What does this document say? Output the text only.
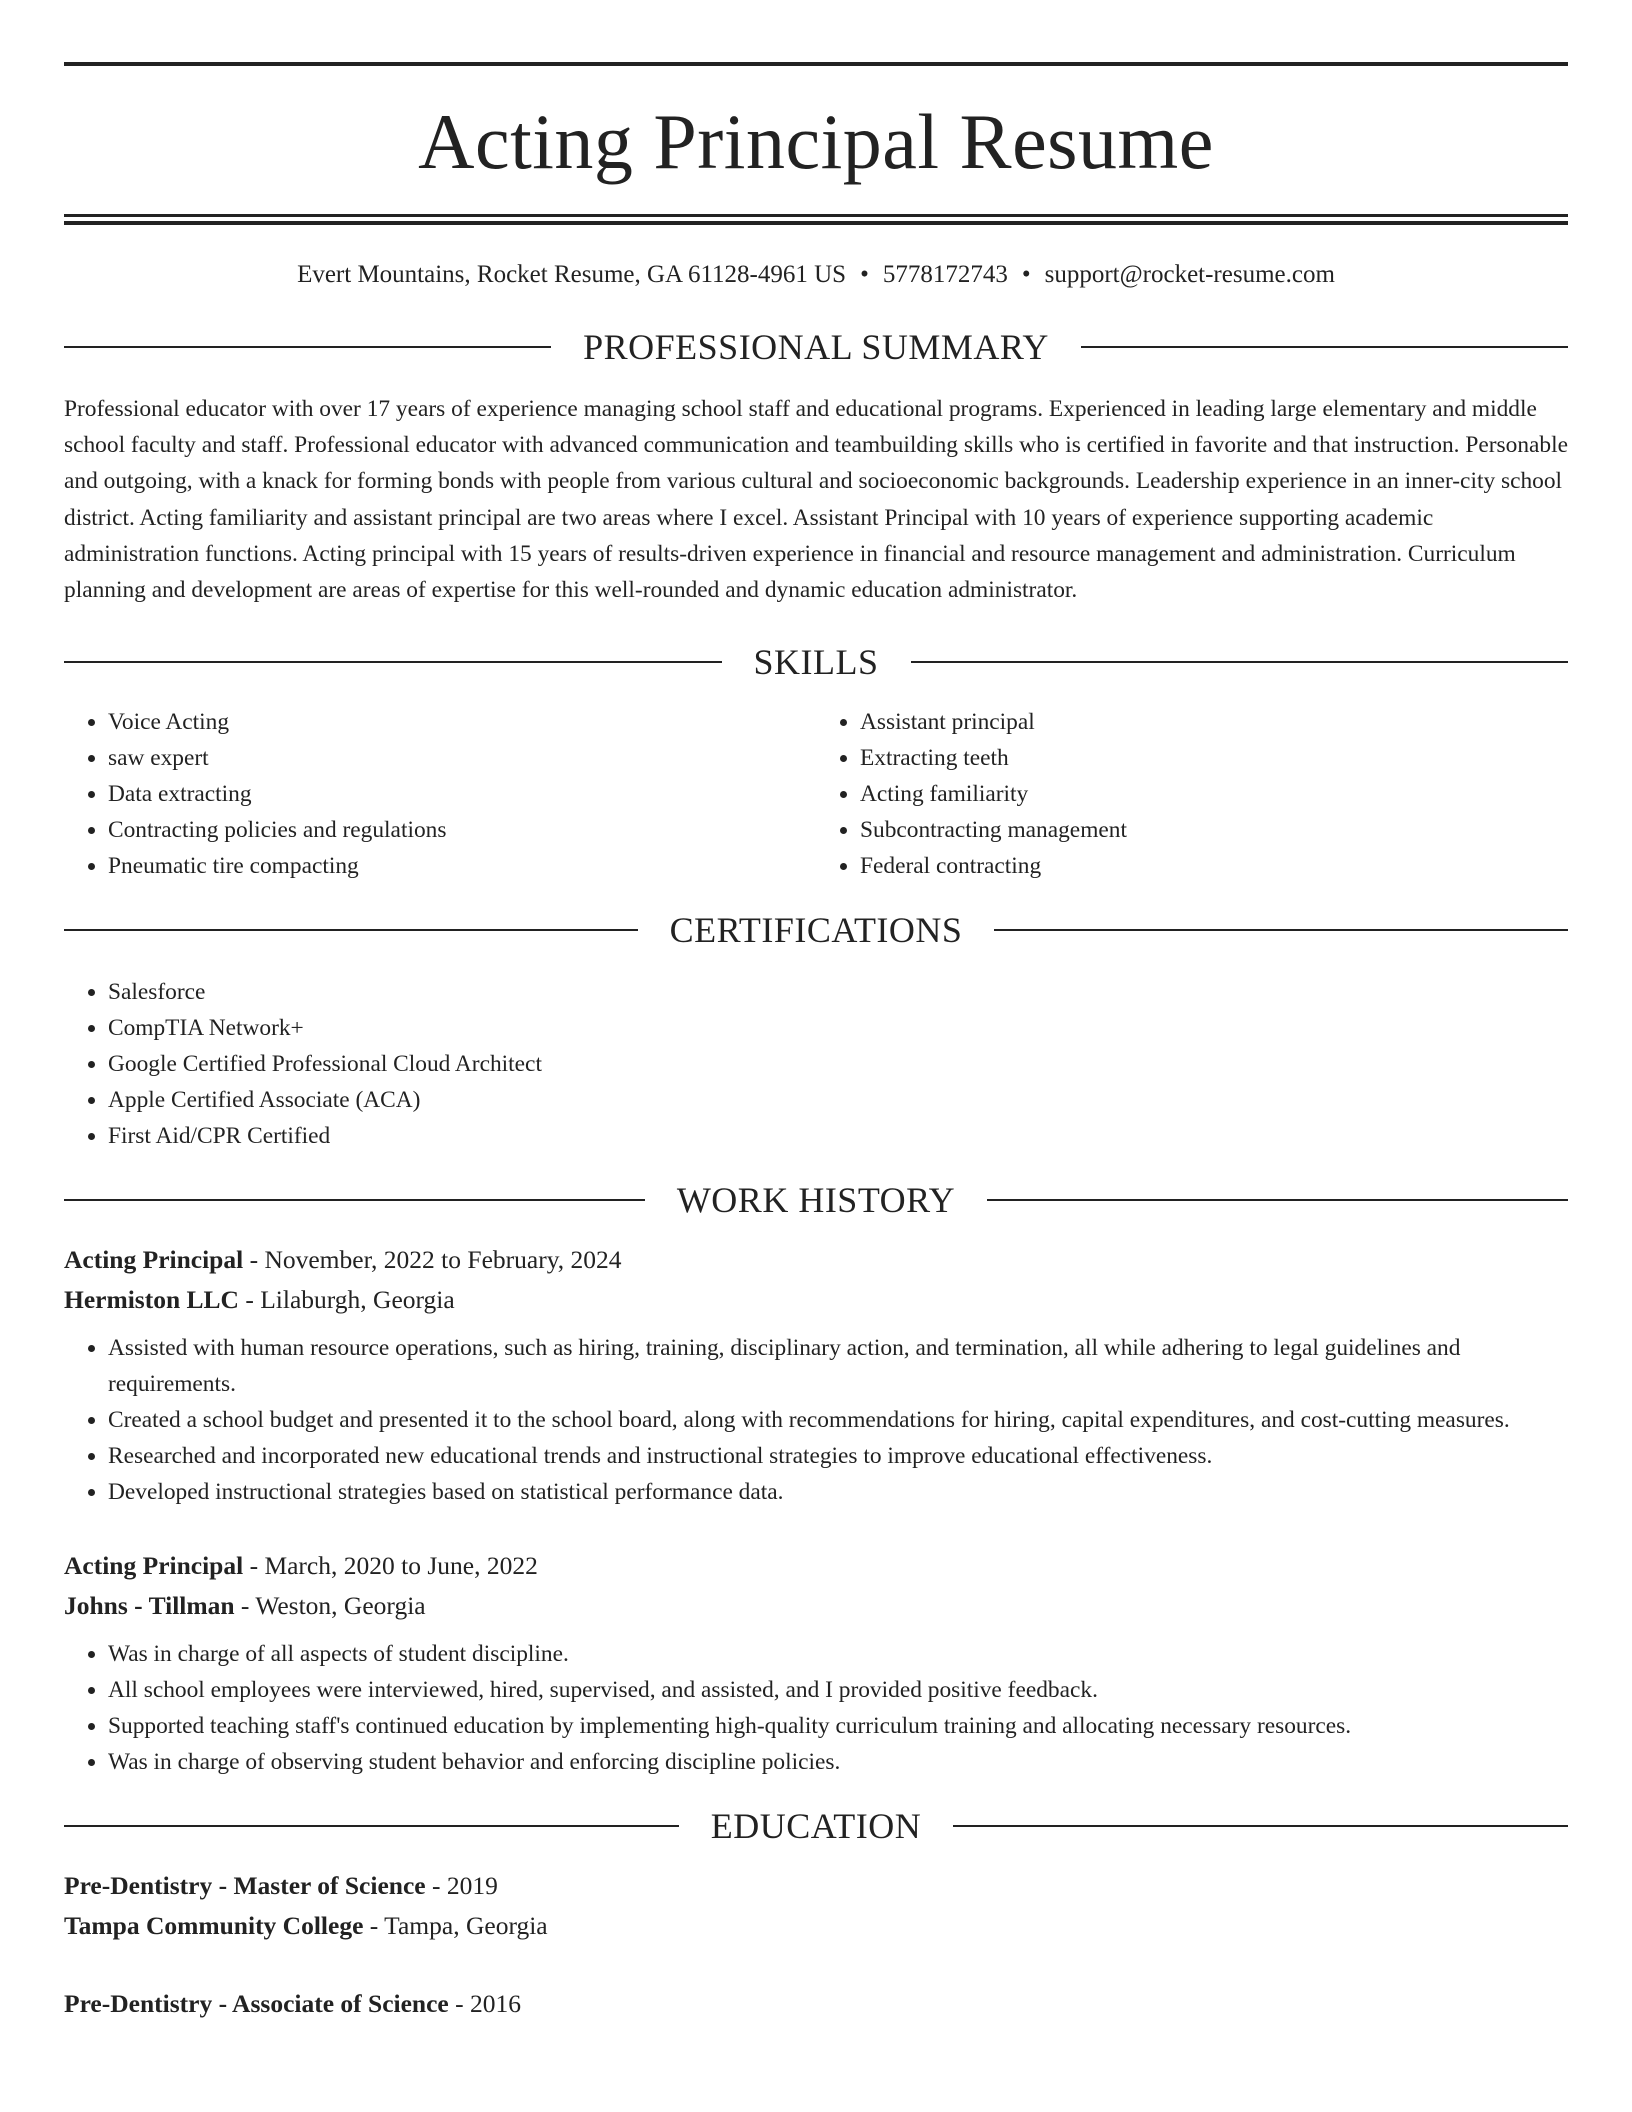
Acting Principal Resume
Evert Mountains, Rocket Resume, GA 61128-4961 US • 5778172743 • support@rocket-resume.com
PROFESSIONAL SUMMARY

Professional educator with over 17 years of experience managing school staff and educational programs. Experienced in leading large elementary and middle school faculty and staff. Professional educator with advanced communication and teambuilding skills who is certified in favorite and that instruction. Personable and outgoing, with a knack for forming bonds with people from various cultural and socioeconomic backgrounds. Leadership experience in an inner-city school district. Acting familiarity and assistant principal are two areas where I excel. Assistant Principal with 10 years of experience supporting academic administration functions. Acting principal with 15 years of results-driven experience in financial and resource management and administration. Curriculum planning and development are areas of expertise for this well-rounded and dynamic education administrator.

SKILLS
• Voice Acting
• saw expert
• Data extracting
• Contracting policies and regulations
• Pneumatic tire compacting
• Assistant principal
• Extracting teeth
• Acting familiarity
• Subcontracting management
• Federal contracting
CERTIFICATIONS
• Salesforce
• CompTIA Network+
• Google Certified Professional Cloud Architect
• Apple Certified Associate (ACA)
• First Aid/CPR Certified
WORK HISTORY
Acting Principal - November, 2022 to February, 2024
Hermiston LLC - Lilaburgh, Georgia
• Assisted with human resource operations, such as hiring, training, disciplinary action, and termination, all while adhering to legal guidelines and requirements.
• Created a school budget and presented it to the school board, along with recommendations for hiring, capital expenditures, and cost-cutting measures.
• Researched and incorporated new educational trends and instructional strategies to improve educational effectiveness.
• Developed instructional strategies based on statistical performance data.
Acting Principal - March, 2020 to June, 2022
Johns - Tillman - Weston, Georgia
• Was in charge of all aspects of student discipline.
• All school employees were interviewed, hired, supervised, and assisted, and I provided positive feedback.
• Supported teaching staff's continued education by implementing high-quality curriculum training and allocating necessary resources.
• Was in charge of observing student behavior and enforcing discipline policies.
EDUCATION
Pre-Dentistry - Master of Science - 2019
Tampa Community College - Tampa, Georgia
Pre-Dentistry - Associate of Science - 2016
